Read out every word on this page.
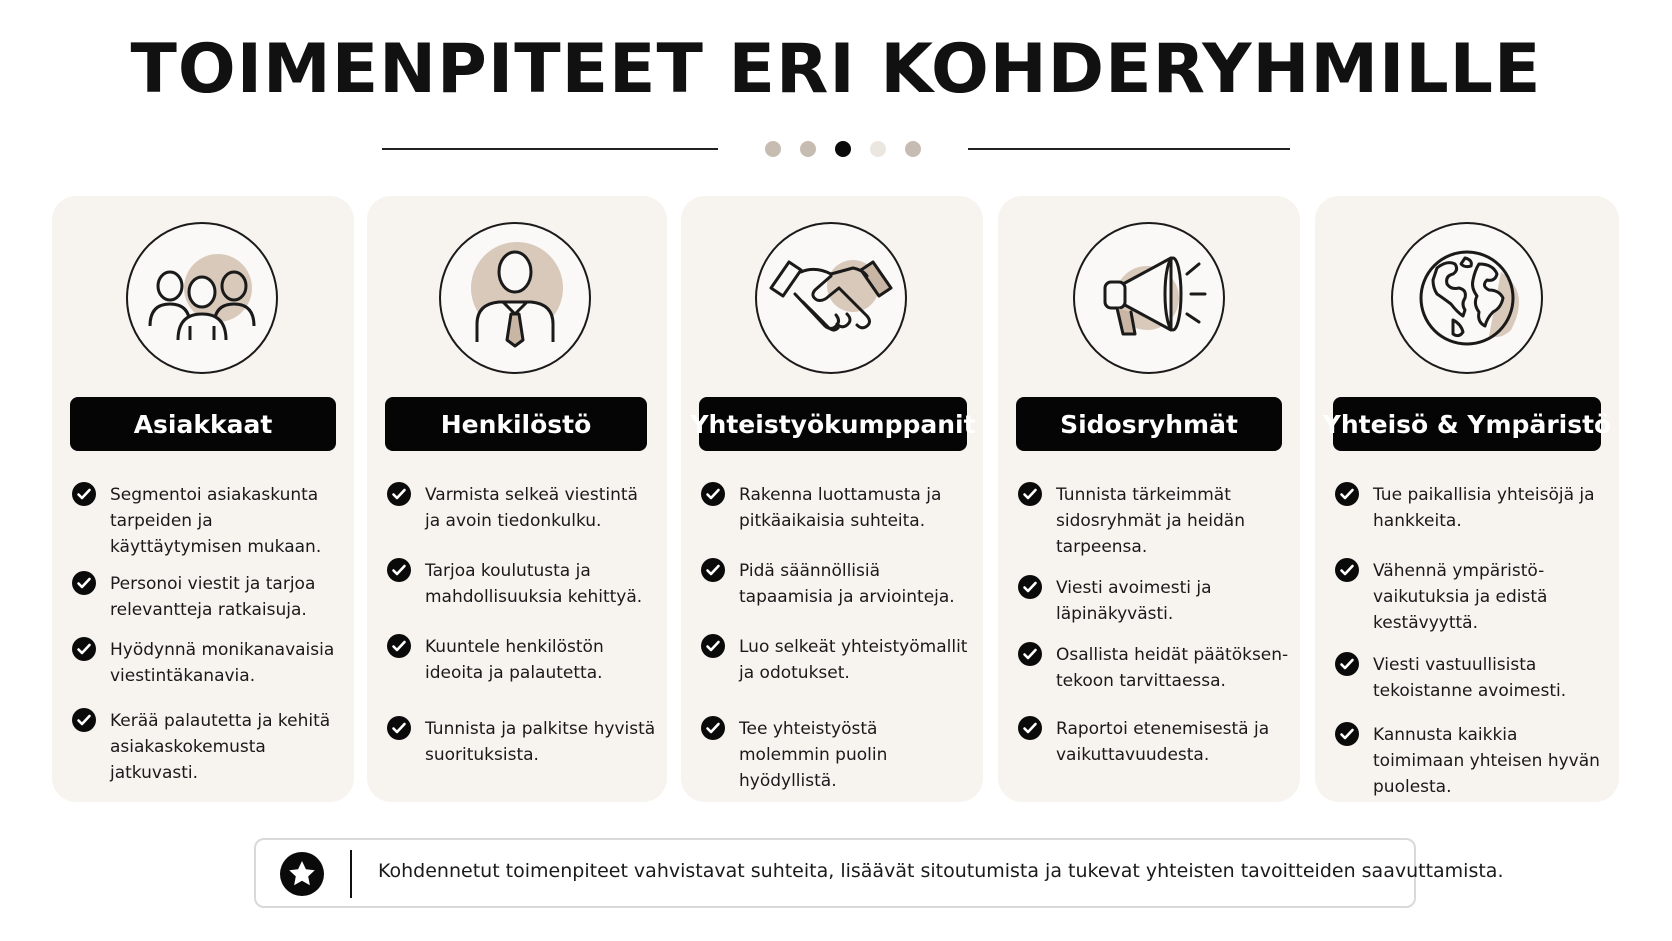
TOIMENPITEET ERI KOHDERYHMILLE
Asiakkaat
Segmentoi asiakaskunta tarpeiden ja käyttäytymisen mukaan.
Personoi viestit ja tarjoa relevantteja ratkaisuja.
Hyödynnä monikanavaisia viestintäkanavia.
Kerää palautetta ja kehitä asiakaskokemusta jatkuvasti.
Henkilöstö
Varmista selkeä viestintä ja avoin tiedonkulku.
Tarjoa koulutusta ja mahdollisuuksia kehittyä.
Kuuntele henkilöstön ideoita ja palautetta.
Tunnista ja palkitse hyvistä suorituksista.
Yhteistyökumppanit
Rakenna luottamusta ja pitkäaikaisia suhteita.
Pidä säännöllisiä tapaamisia ja arviointeja.
Luo selkeät yhteistyömallit ja odotukset.
Tee yhteistyöstä molemmin puolin hyödyllistä.
Sidosryhmät
Tunnista tärkeimmät sidosryhmät ja heidän tarpeensa.
Viesti avoimesti ja läpinäkyvästi.
Osallista heidät päätöksen-tekoon tarvittaessa.
Raportoi etenemisestä ja vaikuttavuudesta.
Yhteisö & Ympäristö
Tue paikallisia yhteisöjä ja hankkeita.
Vähennä ympäristö-vaikutuksia ja edistä kestävyyttä.
Viesti vastuullisista tekoistanne avoimesti.
Kannusta kaikkia toimimaan yhteisen hyvän puolesta.
Kohdennetut toimenpiteet vahvistavat suhteita, lisäävät sitoutumista ja tukevat yhteisten tavoitteiden saavuttamista.
